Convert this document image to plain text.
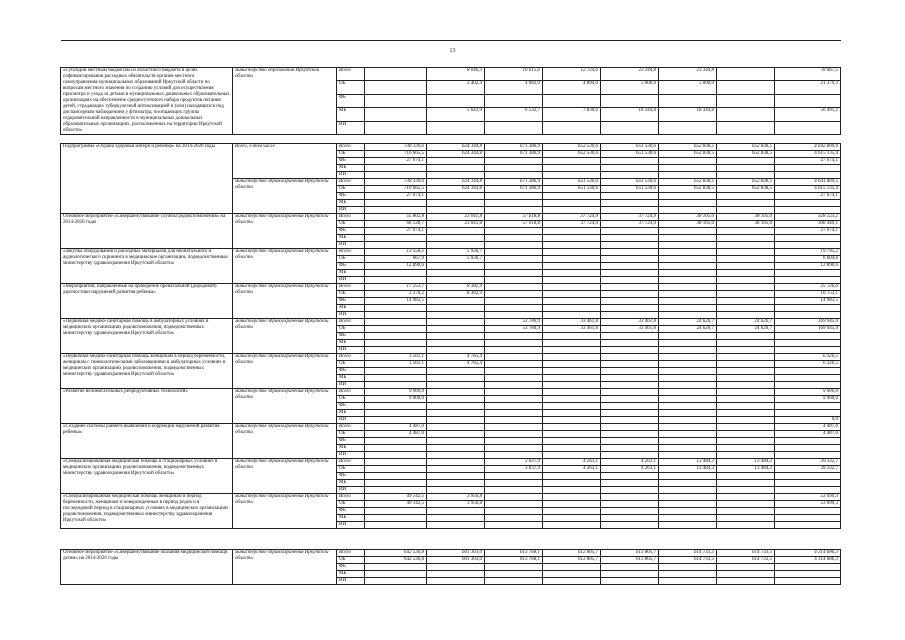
13

«Субсидии местным бюджетам из областного бюджета в целях софинансирования расходных обязательств органов местного самоуправления муниципальных образований Иркутской области по вопросам местного значения по созданию условий для осуществления присмотра и ухода за детьми в муниципальных дошкольных образовательных организациях на обеспечение среднесуточного набора продуктов питания детей, страдающих туберкулезной интоксикацией и (или) находящихся под диспансерным наблюдением у фтизиатра, посещающих группы оздоровительной направленности в муниципальных дошкольных образовательных организациях, расположенных на территории Иркутской области»	министерство образования Иркутской области	Всего		8 046,3	10 615,6	12 724,6	23 344,8	23 344,8		78 067,5
		ОБ		2 402,4	4 082,9	4 894,0	5 000,0	5 000,0		21 379,3
		ФБ								
		МБ		5 643,9	6 532,7	7 830,6	18 344,8	18 344,8		56 491,2
		ИИ								

Подпрограмма «Охрана здоровья матери и ребенка» на 2014-2020 годы	Всего, в том числе	Всего	738 339,6	624 344,8	671 386,9	652 530,6	651 530,6	652 838,5	652 838,5	4 642 809,9
		ОБ	710 665,5	624 344,8	671 386,9	652 530,6	651 530,6	652 838,5	652 838,5	4 615 135,4
		ФБ	27 674,1							27 674,1
		МБ								
		ИИ								
	министерство здравоохранения Иркутской области	Всего	738 339,6	624 344,8	671 386,9	651 530,6	651 530,6	652 838,5	652 838,5	4 641 809,5
		ОБ	710 665,5	624 344,8	671 386,9	651 530,6	651 530,6	652 838,5	652 838,5	4 615 135,4
		ФБ	27 674,1							27 674,1
		МБ								
		ИИ								
Основное мероприятие «Совершенствование службы родовспоможения» на 2014-2020 годы	министерство здравоохранения Иркутской области	Всего	55 802,8	23 041,8	57 618,8	37 724,9	37 724,9	38 105,0	38 105,0	328 123,2
		ОБ	68 128,7	23 041,8	57 618,8	37 724,9	37 724,9	38 105,0	38 105,0	300 449,1
		ФБ	27 674,1							27 674,1
		МБ								
		ИИ								
«Закупка оборудования и расходных материалов для неонатального и аудиологического скрининга в медицинские организации, подведомственные министерству здравоохранения Иркутской области»	министерство здравоохранения Иркутской области	Всего	13 558,5	5 936,7						19 795,2
		ОБ	667,9	5 936,7						6 604,6
		ФБ	12 890,6							12 890,6
		МБ								
		ИИ								
«Мероприятия, направленные на проведение пренатальной (дородовой) диагностики нарушений развития ребенка»	министерство здравоохранения Иркутской области	Всего	17 253,7	8 382,9						25 736,6
		ОБ	2 370,2	8 382,9						10 753,1
		ФБ	14 983,5							14 983,5
		МБ								
		ИИ								
«Первичная медико-санитарная помощь в амбулаторных условиях в медицинских организациях родовспоможения, подведомственных министерству здравоохранения Иркутской области»	министерство здравоохранения Иркутской области	Всего			53 780,9	33 461,8	33 461,8	24 620,7	24 620,7	169 945,9
		ОБ			53 780,9	33 461,8	33 461,8	24 620,7	24 620,7	169 945,9
		ФБ								
		МБ								
		ИИ								
«Первичная медико-санитарная помощь женщинам в период беременности, женщинам с гинекологическими заболеваниями в амбулаторных условиях в медицинских организациях родовспоможения, подведомственных министерству здравоохранения Иркутской области»	министерство здравоохранения Иркутской области	Всего	1 561,1	4 765,4						6 326,5
		ОБ	1 561,1	4 765,4						6 326,5
		ФБ								
		МБ								
		ИИ								
«Развитие вспомогательных репродуктивных технологий»	министерство здравоохранения Иркутской области	Всего	9 900,0							9 900,0
		ОБ	9 900,0							9 900,0
		ФБ								
		МБ								
		ИИ								0,0
«Создание системы раннего выявления и коррекции нарушений развития ребенка»	министерство здравоохранения Иркутской области	Всего	4 487,0							4 487,0
		ОБ	4 487,0							4 487,0
		ФБ								
		МБ								
		ИИ								
«Специализированная медицинская помощь в стационарных условиях в медицинских организациях родовспоможения, подведомственных министерству здравоохранения Иркутской области»	министерство здравоохранения Иркутской области	Всего			3 837,9	4 263,1	4 263,1	13 484,3	13 484,3	39 332,7
		ОБ			3 837,9	4 263,1	4 263,1	13 484,3	13 484,3	39 332,7
		ФБ								
		МБ								
		ИИ								
«Специализированная медицинская помощь женщинам в период беременности, женщинам и новорожденным в период родов и в послеродовой период в стационарных условиях в медицинских организациях родовспоможения, подведомственных министерству здравоохранения Иркутской области»	министерство здравоохранения Иркутской области	Всего	49 142,5	3 956,8						53 099,3
		ОБ	49 142,5	3 956,8						53 099,3
		ФБ								
		МБ								
		ИИ								

Основное мероприятие «Совершенствование оказания медицинской помощи детям» на 2014-2020 годы	министерство здравоохранения Иркутской области	Всего	642 536,8	601 303,0	613 768,1	612 805,7	613 805,7	614 733,5	614 733,5	4 314 686,3
		ОБ	642 536,8	601 303,0	613 768,1	612 805,7	613 805,7	614 733,5	614 733,5	4 314 686,3
		ФБ								
		МБ								
		ИИ								
